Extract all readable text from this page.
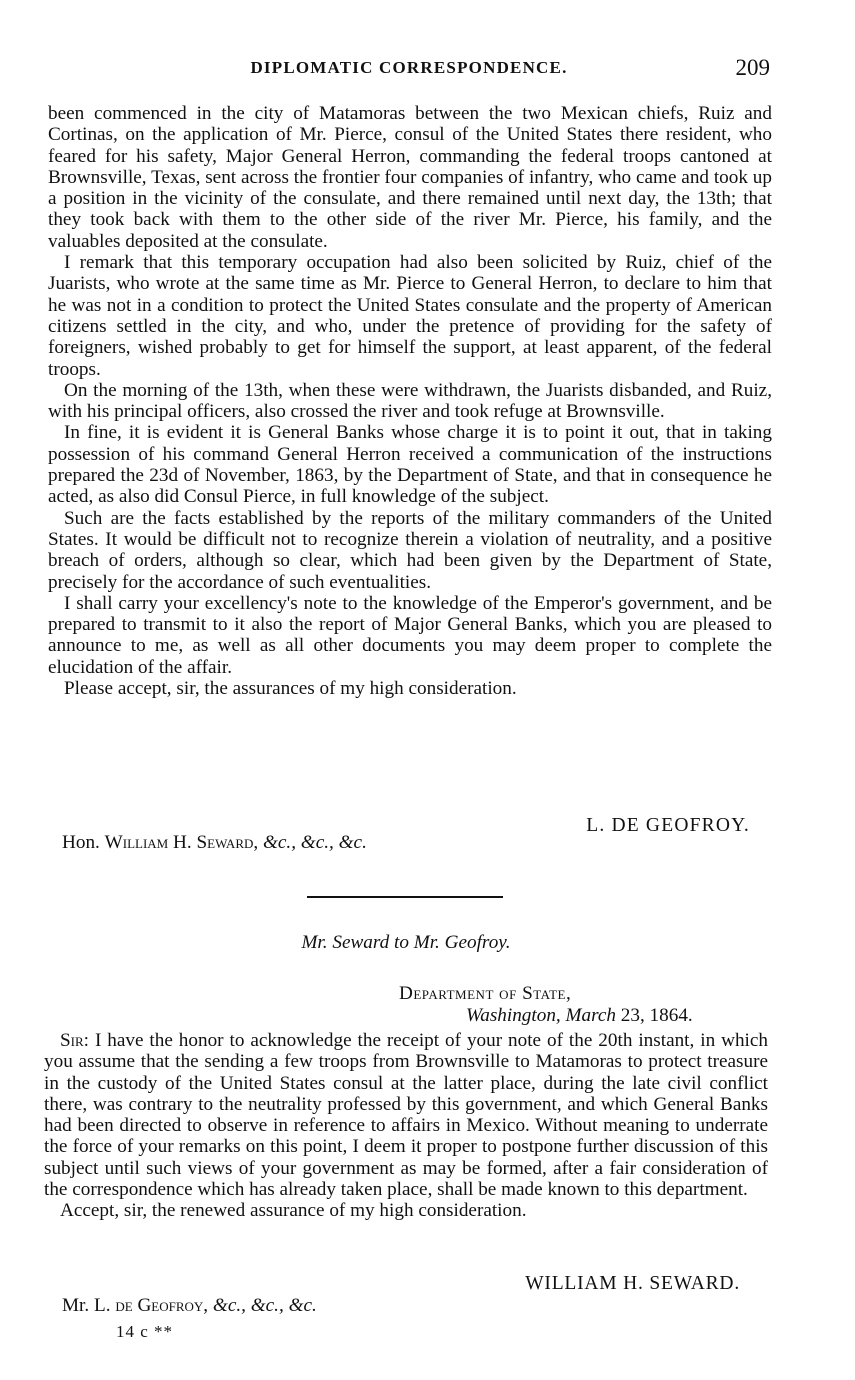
DIPLOMATIC CORRESPONDENCE.	209

been commenced in the city of Matamoras between the two Mexican chiefs, Ruiz and Cortinas, on the application of Mr. Pierce, consul of the United States there resident, who feared for his safety, Major General Herron, commanding the federal troops cantoned at Brownsville, Texas, sent across the frontier four companies of infantry, who came and took up a position in the vicinity of the consulate, and there remained until next day, the 13th; that they took back with them to the other side of the river Mr. Pierce, his family, and the valuables deposited at the consulate.

I remark that this temporary occupation had also been solicited by Ruiz, chief of the Juarists, who wrote at the same time as Mr. Pierce to General Herron, to declare to him that he was not in a condition to protect the United States consulate and the property of American citizens settled in the city, and who, under the pretence of providing for the safety of foreigners, wished probably to get for himself the support, at least apparent, of the federal troops.

On the morning of the 13th, when these were withdrawn, the Juarists disbanded, and Ruiz, with his principal officers, also crossed the river and took refuge at Brownsville.

In fine, it is evident it is General Banks whose charge it is to point it out, that in taking possession of his command General Herron received a communication of the instructions prepared the 23d of November, 1863, by the Department of State, and that in consequence he acted, as also did Consul Pierce, in full knowledge of the subject.

Such are the facts established by the reports of the military commanders of the United States. It would be difficult not to recognize therein a violation of neutrality, and a positive breach of orders, although so clear, which had been given by the Department of State, precisely for the accordance of such eventualities.

I shall carry your excellency's note to the knowledge of the Emperor's government, and be prepared to transmit to it also the report of Major General Banks, which you are pleased to announce to me, as well as all other documents you may deem proper to complete the elucidation of the affair.

Please accept, sir, the assurances of my high consideration.

L. DE GEOFROY.
Hon. William H. Seward, &c., &c., &c.
Mr. Seward to Mr. Geofroy.
Department of State,
Washington, March 23, 1864.

Sir: I have the honor to acknowledge the receipt of your note of the 20th instant, in which you assume that the sending a few troops from Brownsville to Matamoras to protect treasure in the custody of the United States consul at the latter place, during the late civil conflict there, was contrary to the neutrality professed by this government, and which General Banks had been directed to observe in reference to affairs in Mexico. Without meaning to underrate the force of your remarks on this point, I deem it proper to postpone further discussion of this subject until such views of your government as may be formed, after a fair consideration of the correspondence which has already taken place, shall be made known to this department.

Accept, sir, the renewed assurance of my high consideration.

WILLIAM H. SEWARD.
Mr. L. de Geofroy, &c., &c., &c.
14 c **
